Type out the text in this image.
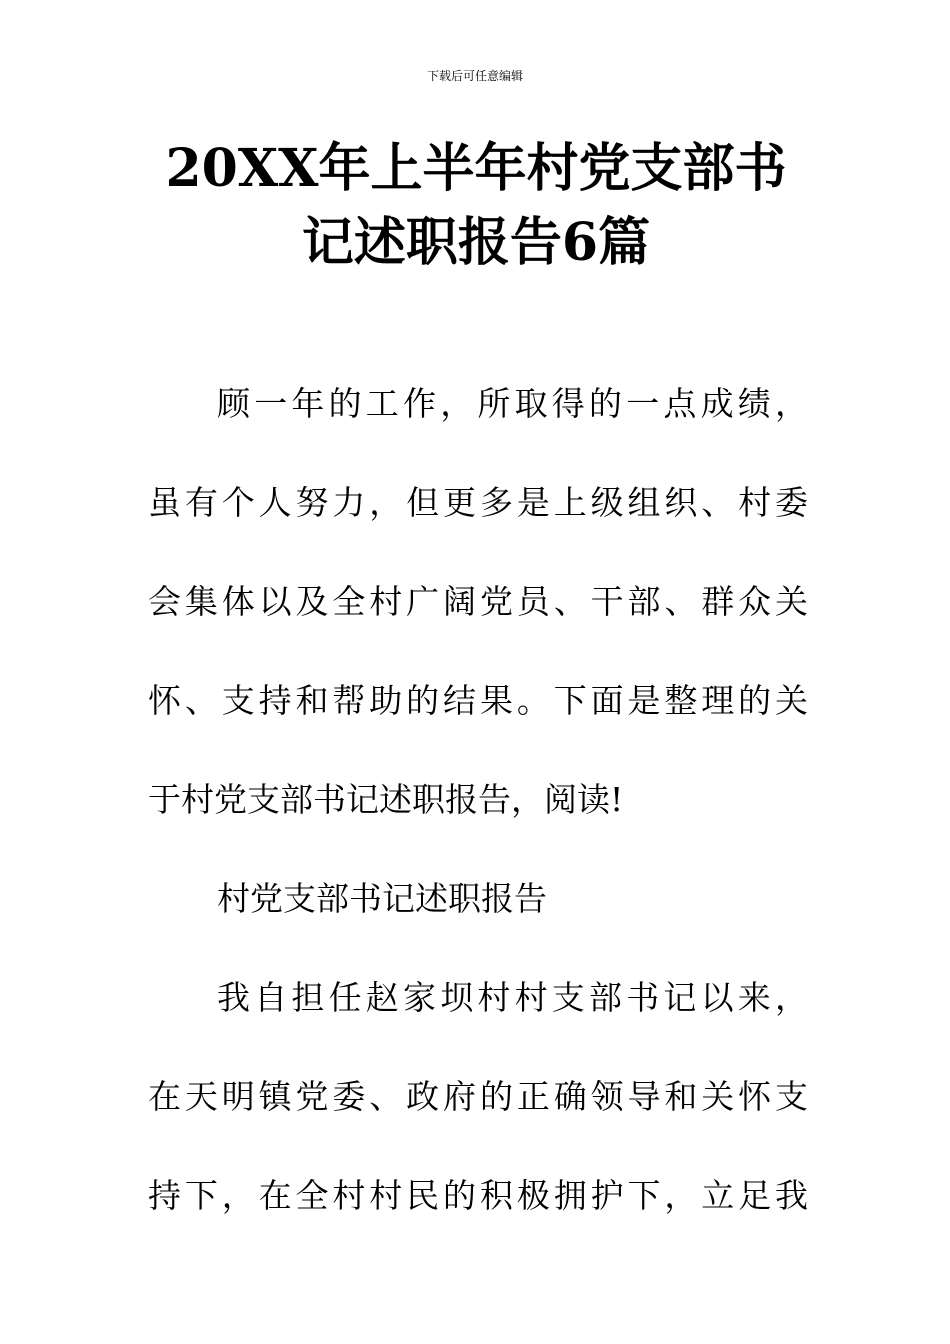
下载后可任意编辑
20XX年上半年村党支部书
记述职报告6篇
顾一年的工作，所取得的一点成绩，
虽有个人努力，但更多是上级组织、村委
会集体以及全村广阔党员、干部、群众关
怀、支持和帮助的结果。下面是整理的关
于村党支部书记述职报告，阅读!
村党支部书记述职报告
我自担任赵家坝村村支部书记以来，
在天明镇党委、政府的正确领导和关怀支
持下，在全村村民的积极拥护下，立足我
